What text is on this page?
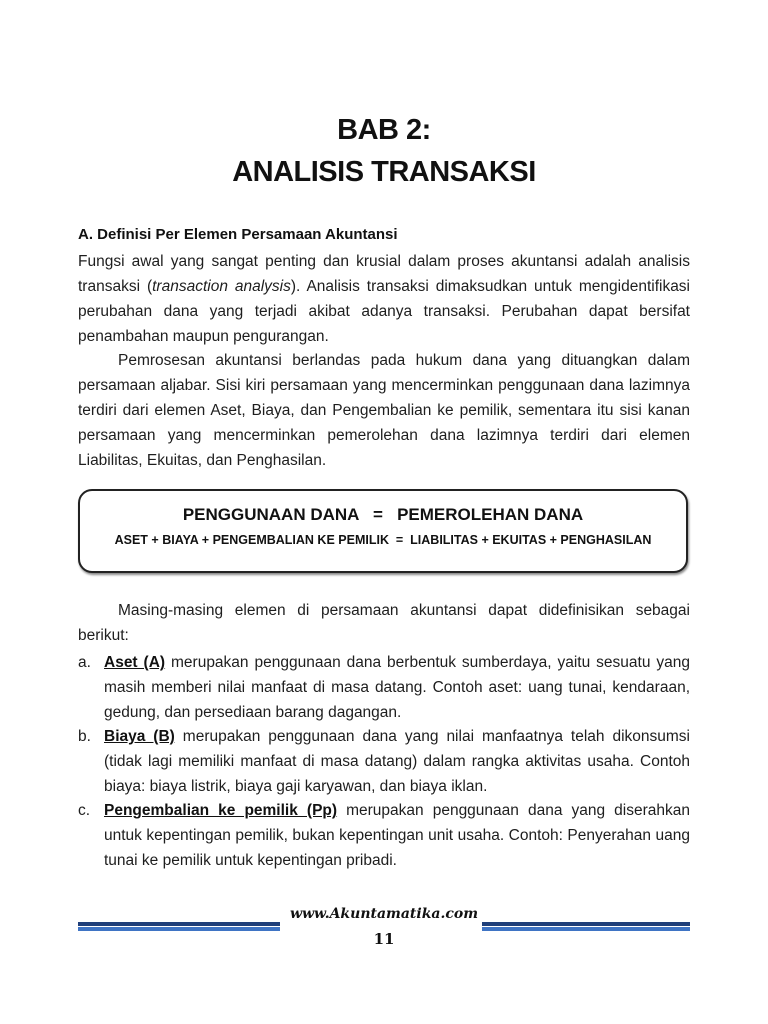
BAB 2:
ANALISIS TRANSAKSI
A. Definisi Per Elemen Persamaan Akuntansi
Fungsi awal yang sangat penting dan krusial dalam proses akuntansi adalah analisis transaksi (transaction analysis). Analisis transaksi dimaksudkan untuk mengidentifikasi perubahan dana yang terjadi akibat adanya transaksi. Perubahan dapat bersifat penambahan maupun pengurangan.
Pemrosesan akuntansi berlandas pada hukum dana yang dituangkan dalam persamaan aljabar. Sisi kiri persamaan yang mencerminkan penggunaan dana lazimnya terdiri dari elemen Aset, Biaya, dan Pengembalian ke pemilik, sementara itu sisi kanan persamaan yang mencerminkan pemerolehan dana lazimnya terdiri dari elemen Liabilitas, Ekuitas, dan Penghasilan.
PENGGUNAAN DANA   =   PEMEROLEHAN DANA
ASET + BIAYA + PENGEMBALIAN KE PEMILIK  =  LIABILITAS + EKUITAS + PENGHASILAN
Masing-masing elemen di persamaan akuntansi dapat didefinisikan sebagai berikut:
a. Aset (A) merupakan penggunaan dana berbentuk sumberdaya, yaitu sesuatu yang masih memberi nilai manfaat di masa datang. Contoh aset: uang tunai, kendaraan, gedung, dan persediaan barang dagangan.
b. Biaya (B) merupakan penggunaan dana yang nilai manfaatnya telah dikonsumsi (tidak lagi memiliki manfaat di masa datang) dalam rangka aktivitas usaha. Contoh biaya: biaya listrik, biaya gaji karyawan, dan biaya iklan.
c. Pengembalian ke pemilik (Pp) merupakan penggunaan dana yang diserahkan untuk kepentingan pemilik, bukan kepentingan unit usaha. Contoh: Penyerahan uang tunai ke pemilik untuk kepentingan pribadi.
www.Akuntamatika.com
11
